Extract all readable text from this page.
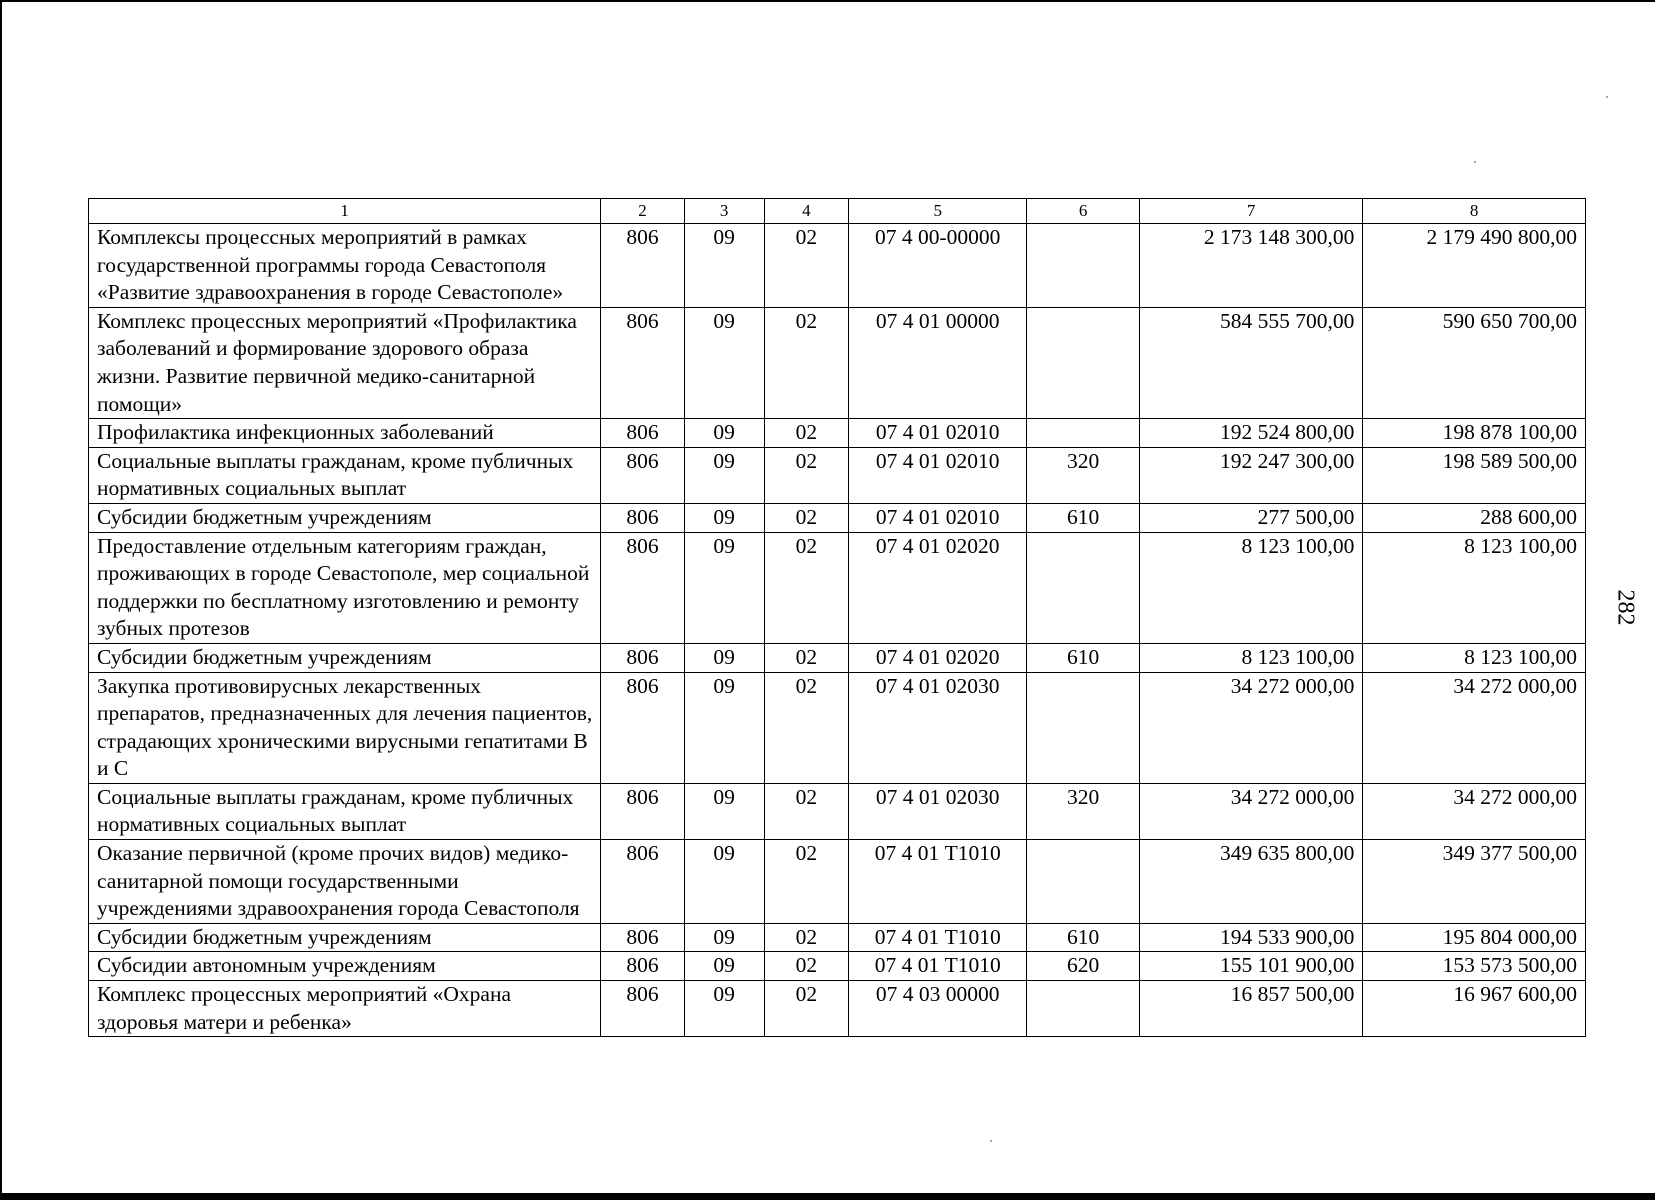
282
1	2	3	4	5	6	7	8
Комплексы процессных мероприятий в рамках государственной программы города Севастополя «Развитие здравоохранения в городе Севастополе»	806	09	02	07 4 00-00000		2 173 148 300,00	2 179 490 800,00
Комплекс процессных мероприятий «Профилактика заболеваний и формирование здорового образа жизни. Развитие первичной медико-санитарной помощи»	806	09	02	07 4 01 00000		584 555 700,00	590 650 700,00
Профилактика инфекционных заболеваний	806	09	02	07 4 01 02010		192 524 800,00	198 878 100,00
Социальные выплаты гражданам, кроме публичных нормативных социальных выплат	806	09	02	07 4 01 02010	320	192 247 300,00	198 589 500,00
Субсидии бюджетным учреждениям	806	09	02	07 4 01 02010	610	277 500,00	288 600,00
Предоставление отдельным категориям граждан, проживающих в городе Севастополе, мер социальной поддержки по бесплатному изготовлению и ремонту зубных протезов	806	09	02	07 4 01 02020		8 123 100,00	8 123 100,00
Субсидии бюджетным учреждениям	806	09	02	07 4 01 02020	610	8 123 100,00	8 123 100,00
Закупка противовирусных лекарственных препаратов, предназначенных для лечения пациентов, страдающих хроническими вирусными гепатитами В и С	806	09	02	07 4 01 02030		34 272 000,00	34 272 000,00
Социальные выплаты гражданам, кроме публичных нормативных социальных выплат	806	09	02	07 4 01 02030	320	34 272 000,00	34 272 000,00
Оказание первичной (кроме прочих видов) медико-санитарной помощи государственными учреждениями здравоохранения города Севастополя	806	09	02	07 4 01 Т1010		349 635 800,00	349 377 500,00
Субсидии бюджетным учреждениям	806	09	02	07 4 01 Т1010	610	194 533 900,00	195 804 000,00
Субсидии автономным учреждениям	806	09	02	07 4 01 Т1010	620	155 101 900,00	153 573 500,00
Комплекс процессных мероприятий «Охрана здоровья матери и ребенка»	806	09	02	07 4 03 00000		16 857 500,00	16 967 600,00
